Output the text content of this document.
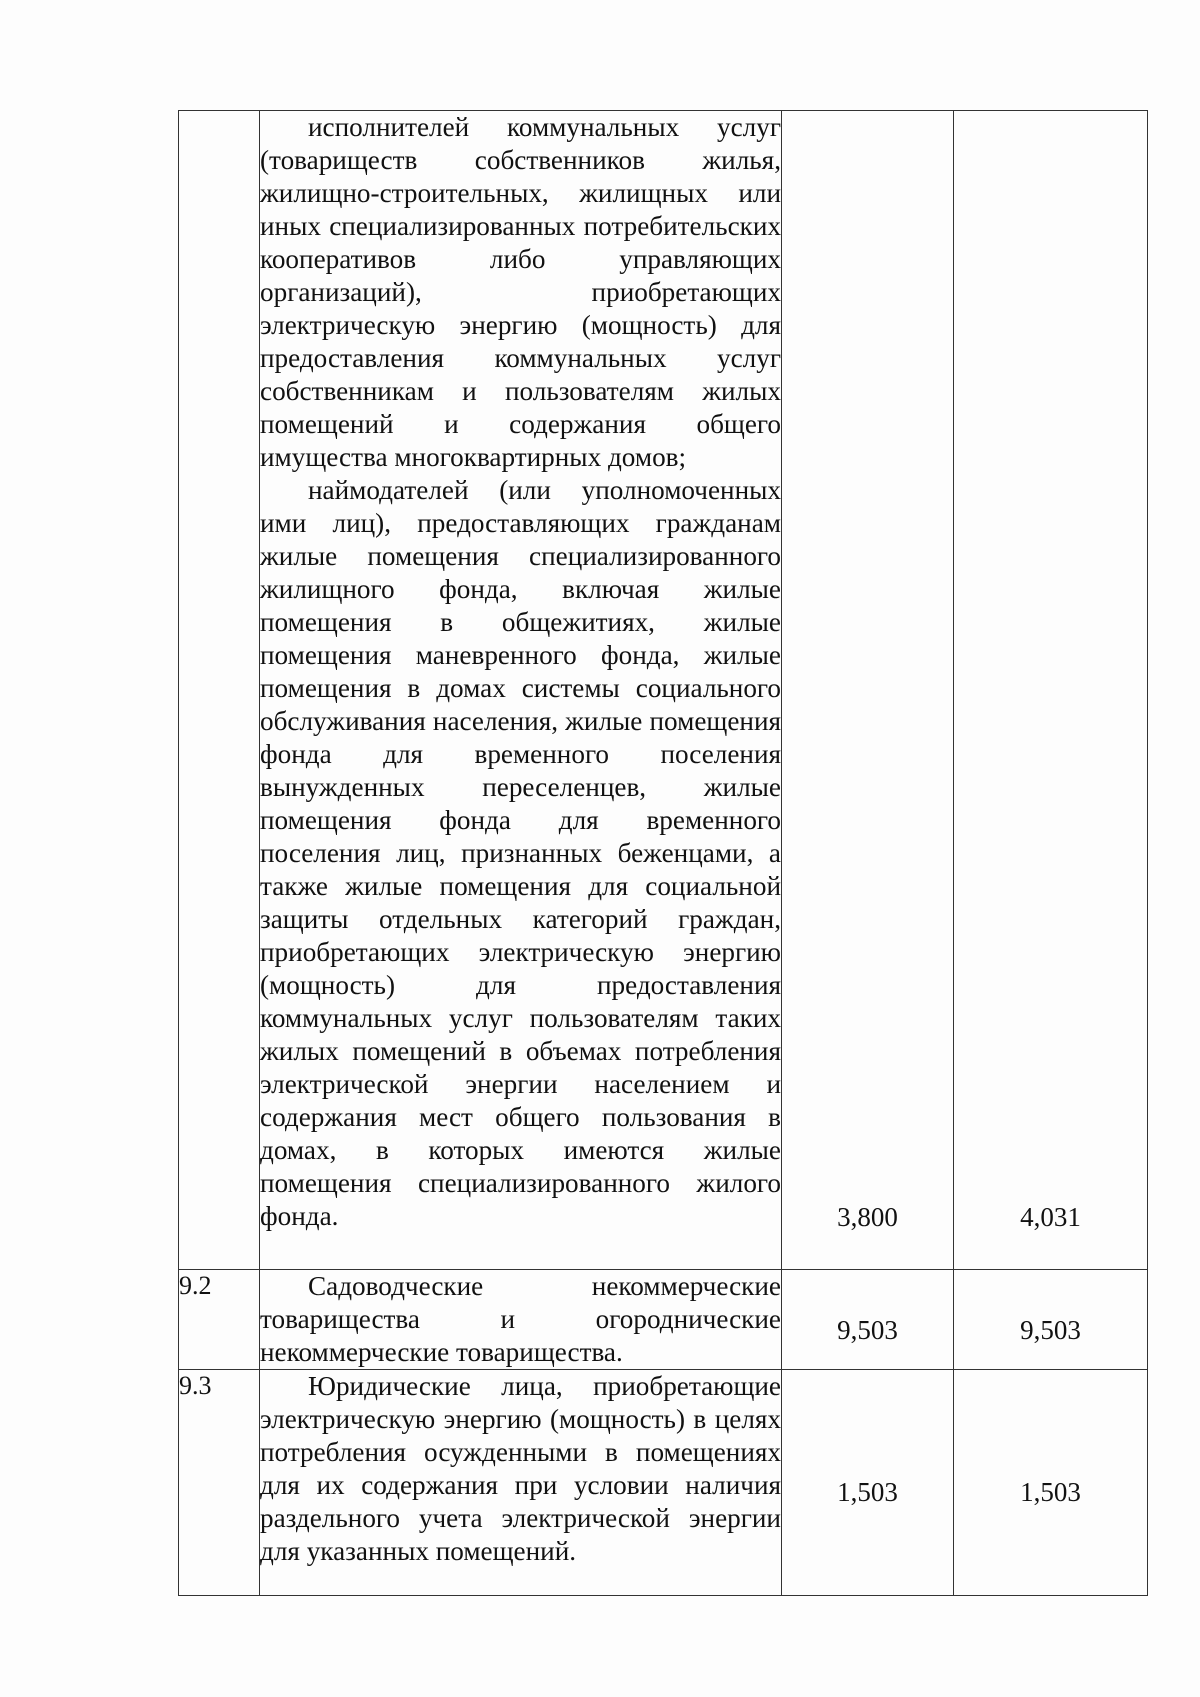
	исполнителей коммунальных услуг (товариществ собственников жилья, жилищно-строительных, жилищных или иных специализированных потребительских кооперативов либо управляющих организаций), приобретающих электрическую энергию (мощность) для предоставления коммунальных услуг собственникам и пользователям жилых помещений и содержания общего имущества многоквартирных домов;

наймодателей (или уполномоченных ими лиц), предоставляющих гражданам жилые помещения специализированного жилищного фонда, включая жилые помещения в общежитиях, жилые помещения маневренного фонда, жилые помещения в домах системы социального обслуживания населения, жилые помещения фонда для временного поселения вынужденных переселенцев, жилые помещения фонда для временного поселения лиц, признанных беженцами, а также жилые помещения для социальной защиты отдельных категорий граждан, приобретающих электрическую энергию (мощность) для предоставления коммунальных услуг пользователям таких жилых помещений в объемах потребления электрической энергии населением и содержания мест общего пользования в домах, в которых имеются жилые помещения специализированного жилого фонда.	3,800	4,031

9.2	Садоводческие некоммерческие товарищества и огороднические некоммерческие товарищества.	9,503	9,503

9.3	Юридические лица, приобретающие электрическую энергию (мощность) в целях потребления осужденными в помещениях для их содержания при условии наличия раздельного учета электрической энергии для указанных помещений.	1,503	1,503
